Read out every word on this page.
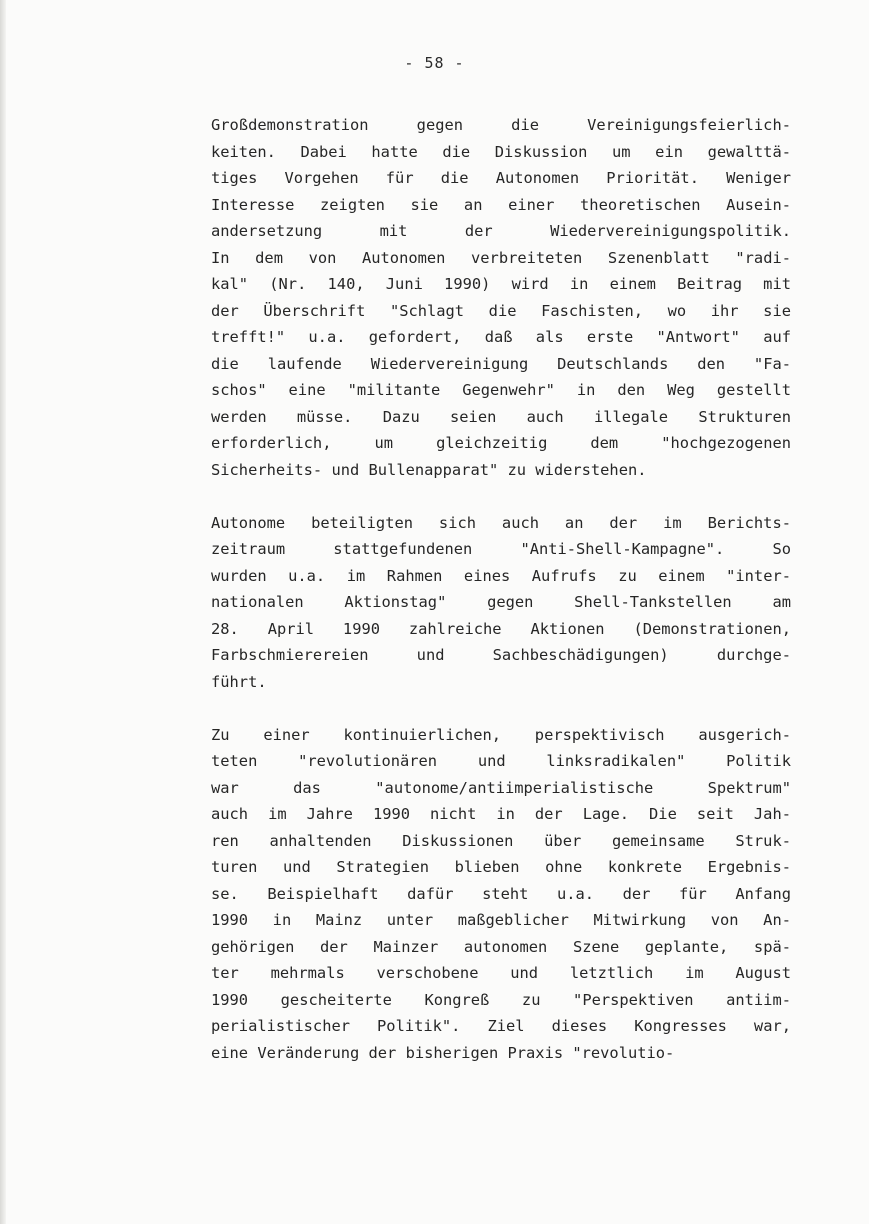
- 58 -
Großdemonstration gegen die Vereinigungsfeierlich-
keiten. Dabei hatte die Diskussion um ein gewalttä-
tiges Vorgehen für die Autonomen Priorität. Weniger
Interesse zeigten sie an einer theoretischen Ausein-
andersetzung mit der Wiedervereinigungspolitik.
In dem von Autonomen verbreiteten Szenenblatt "radi-
kal" (Nr. 140, Juni 1990) wird in einem Beitrag mit
der Überschrift "Schlagt die Faschisten, wo ihr sie
trefft!" u.a. gefordert, daß als erste "Antwort" auf
die laufende Wiedervereinigung Deutschlands den "Fa-
schos" eine "militante Gegenwehr" in den Weg gestellt
werden müsse. Dazu seien auch illegale Strukturen
erforderlich, um gleichzeitig dem "hochgezogenen
Sicherheits- und Bullenapparat" zu widerstehen.
Autonome beteiligten sich auch an der im Berichts-
zeitraum stattgefundenen "Anti-Shell-Kampagne". So
wurden u.a. im Rahmen eines Aufrufs zu einem "inter-
nationalen Aktionstag" gegen Shell-Tankstellen am
28. April 1990 zahlreiche Aktionen (Demonstrationen,
Farbschmierereien und Sachbeschädigungen) durchge-
führt.
Zu einer kontinuierlichen, perspektivisch ausgerich-
teten "revolutionären und linksradikalen" Politik
war das "autonome/antiimperialistische Spektrum"
auch im Jahre 1990 nicht in der Lage. Die seit Jah-
ren anhaltenden Diskussionen über gemeinsame Struk-
turen und Strategien blieben ohne konkrete Ergebnis-
se. Beispielhaft dafür steht u.a. der für Anfang
1990 in Mainz unter maßgeblicher Mitwirkung von An-
gehörigen der Mainzer autonomen Szene geplante, spä-
ter mehrmals verschobene und letztlich im August
1990 gescheiterte Kongreß zu "Perspektiven antiim-
perialistischer Politik". Ziel dieses Kongresses war,
eine Veränderung der bisherigen Praxis "revolutio-
